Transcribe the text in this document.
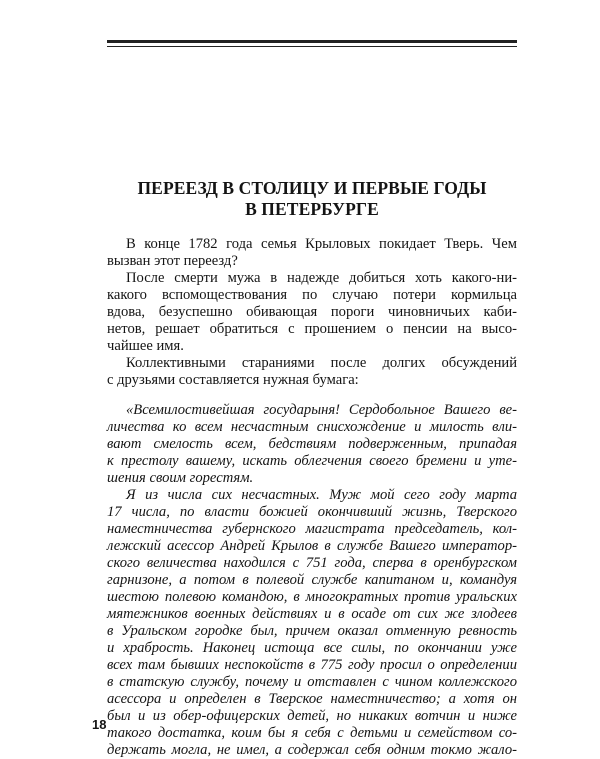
ПЕРЕЕЗД В СТОЛИЦУ И ПЕРВЫЕ ГОДЫ
В ПЕТЕРБУРГЕ

В конце 1782 года семья Крыловых покидает Тверь. Чем
вызван этот переезд?

После смерти мужа в надежде добиться хоть какого-ни-
какого вспомоществования по случаю потери кормильца
вдова, безуспешно обивающая пороги чиновничьих каби-
нетов, решает обратиться с прошением о пенсии на высо-
чайшее имя.

Коллективными стараниями после долгих обсуждений
с друзьями составляется нужная бумага:

«Всемилостивейшая государыня! Сердобольное Вашего ве-
личества ко всем несчастным снисхождение и милость вли-
вают смелость всем, бедствиям подверженным, припадая
к престолу вашему, искать облегчения своего бремени и уте-
шения своим горестям.

Я из числа сих несчастных. Муж мой сего году марта
17 числа, по власти божией окончивший жизнь, Тверского
наместничества губернского магистрата председатель, кол-
лежский асессор Андрей Крылов в службе Вашего император-
ского величества находился с 751 года, сперва в оренбургском
гарнизоне, а потом в полевой службе капитаном и, командуя
шестою полевою командою, в многократных против уральских
мятежников военных действиях и в осаде от сих же злодеев
в Уральском городке был, причем оказал отменную ревность
и храбрость. Наконец истоща все силы, по окончании уже
всех там бывших неспокойств в 775 году просил о определении
в статскую службу, почему и отставлен с чином коллежского
асессора и определен в Тверское наместничество; а хотя он
был и из обер-офицерских детей, но никаких вотчин и ниже
такого достатка, коим бы я себя с детьми и семейством со-
держать могла, не имел, а содержал себя одним токмо жало-

18
